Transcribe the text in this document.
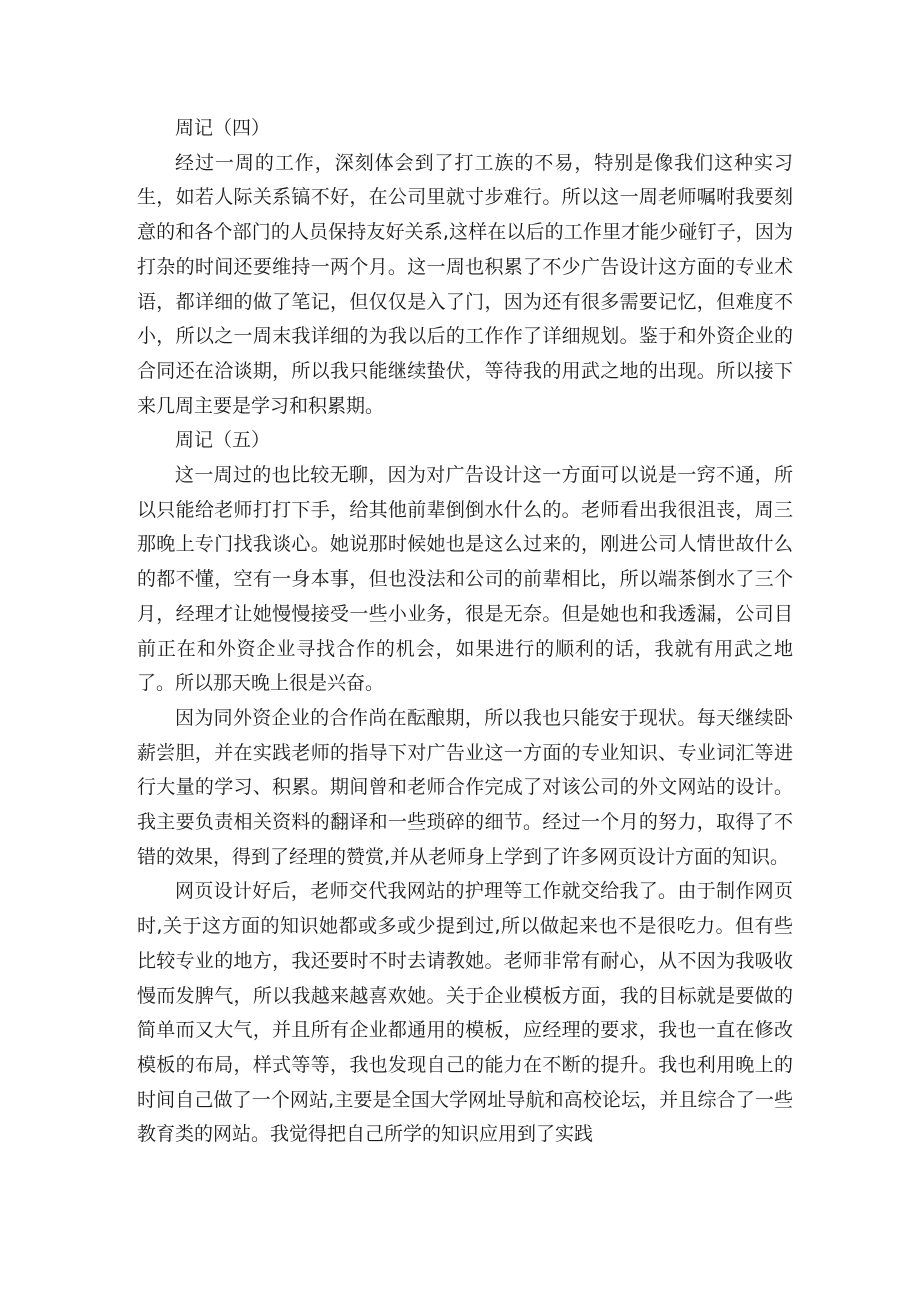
周记（四）

经过一周的工作，深刻体会到了打工族的不易，特别是像我们这种实习生，如若人际关系镐不好，在公司里就寸步难行。所以这一周老师嘱咐我要刻意的和各个部门的人员保持友好关系,这样在以后的工作里才能少碰钉子，因为打杂的时间还要维持一两个月。这一周也积累了不少广告设计这方面的专业术语，都详细的做了笔记，但仅仅是入了门，因为还有很多需要记忆，但难度不小，所以之一周末我详细的为我以后的工作作了详细规划。鉴于和外资企业的合同还在洽谈期，所以我只能继续蛰伏，等待我的用武之地的出现。所以接下来几周主要是学习和积累期。

周记（五）

这一周过的也比较无聊，因为对广告设计这一方面可以说是一窍不通，所以只能给老师打打下手，给其他前辈倒倒水什么的。老师看出我很沮丧，周三那晚上专门找我谈心。她说那时候她也是这么过来的，刚进公司人情世故什么的都不懂，空有一身本事，但也没法和公司的前辈相比，所以端茶倒水了三个月，经理才让她慢慢接受一些小业务，很是无奈。但是她也和我透漏，公司目前正在和外资企业寻找合作的机会，如果进行的顺利的话，我就有用武之地了。所以那天晚上很是兴奋。

因为同外资企业的合作尚在酝酿期，所以我也只能安于现状。每天继续卧薪尝胆，并在实践老师的指导下对广告业这一方面的专业知识、专业词汇等进行大量的学习、积累。期间曾和老师合作完成了对该公司的外文网站的设计。我主要负责相关资料的翻译和一些琐碎的细节。经过一个月的努力，取得了不错的效果，得到了经理的赞赏,并从老师身上学到了许多网页设计方面的知识。

网页设计好后，老师交代我网站的护理等工作就交给我了。由于制作网页时,关于这方面的知识她都或多或少提到过,所以做起来也不是很吃力。但有些比较专业的地方，我还要时不时去请教她。老师非常有耐心，从不因为我吸收慢而发脾气，所以我越来越喜欢她。关于企业模板方面，我的目标就是要做的简单而又大气，并且所有企业都通用的模板，应经理的要求，我也一直在修改模板的布局，样式等等，我也发现自己的能力在不断的提升。我也利用晚上的时间自己做了一个网站,主要是全国大学网址导航和高校论坛，并且综合了一些教育类的网站。我觉得把自己所学的知识应用到了实践
